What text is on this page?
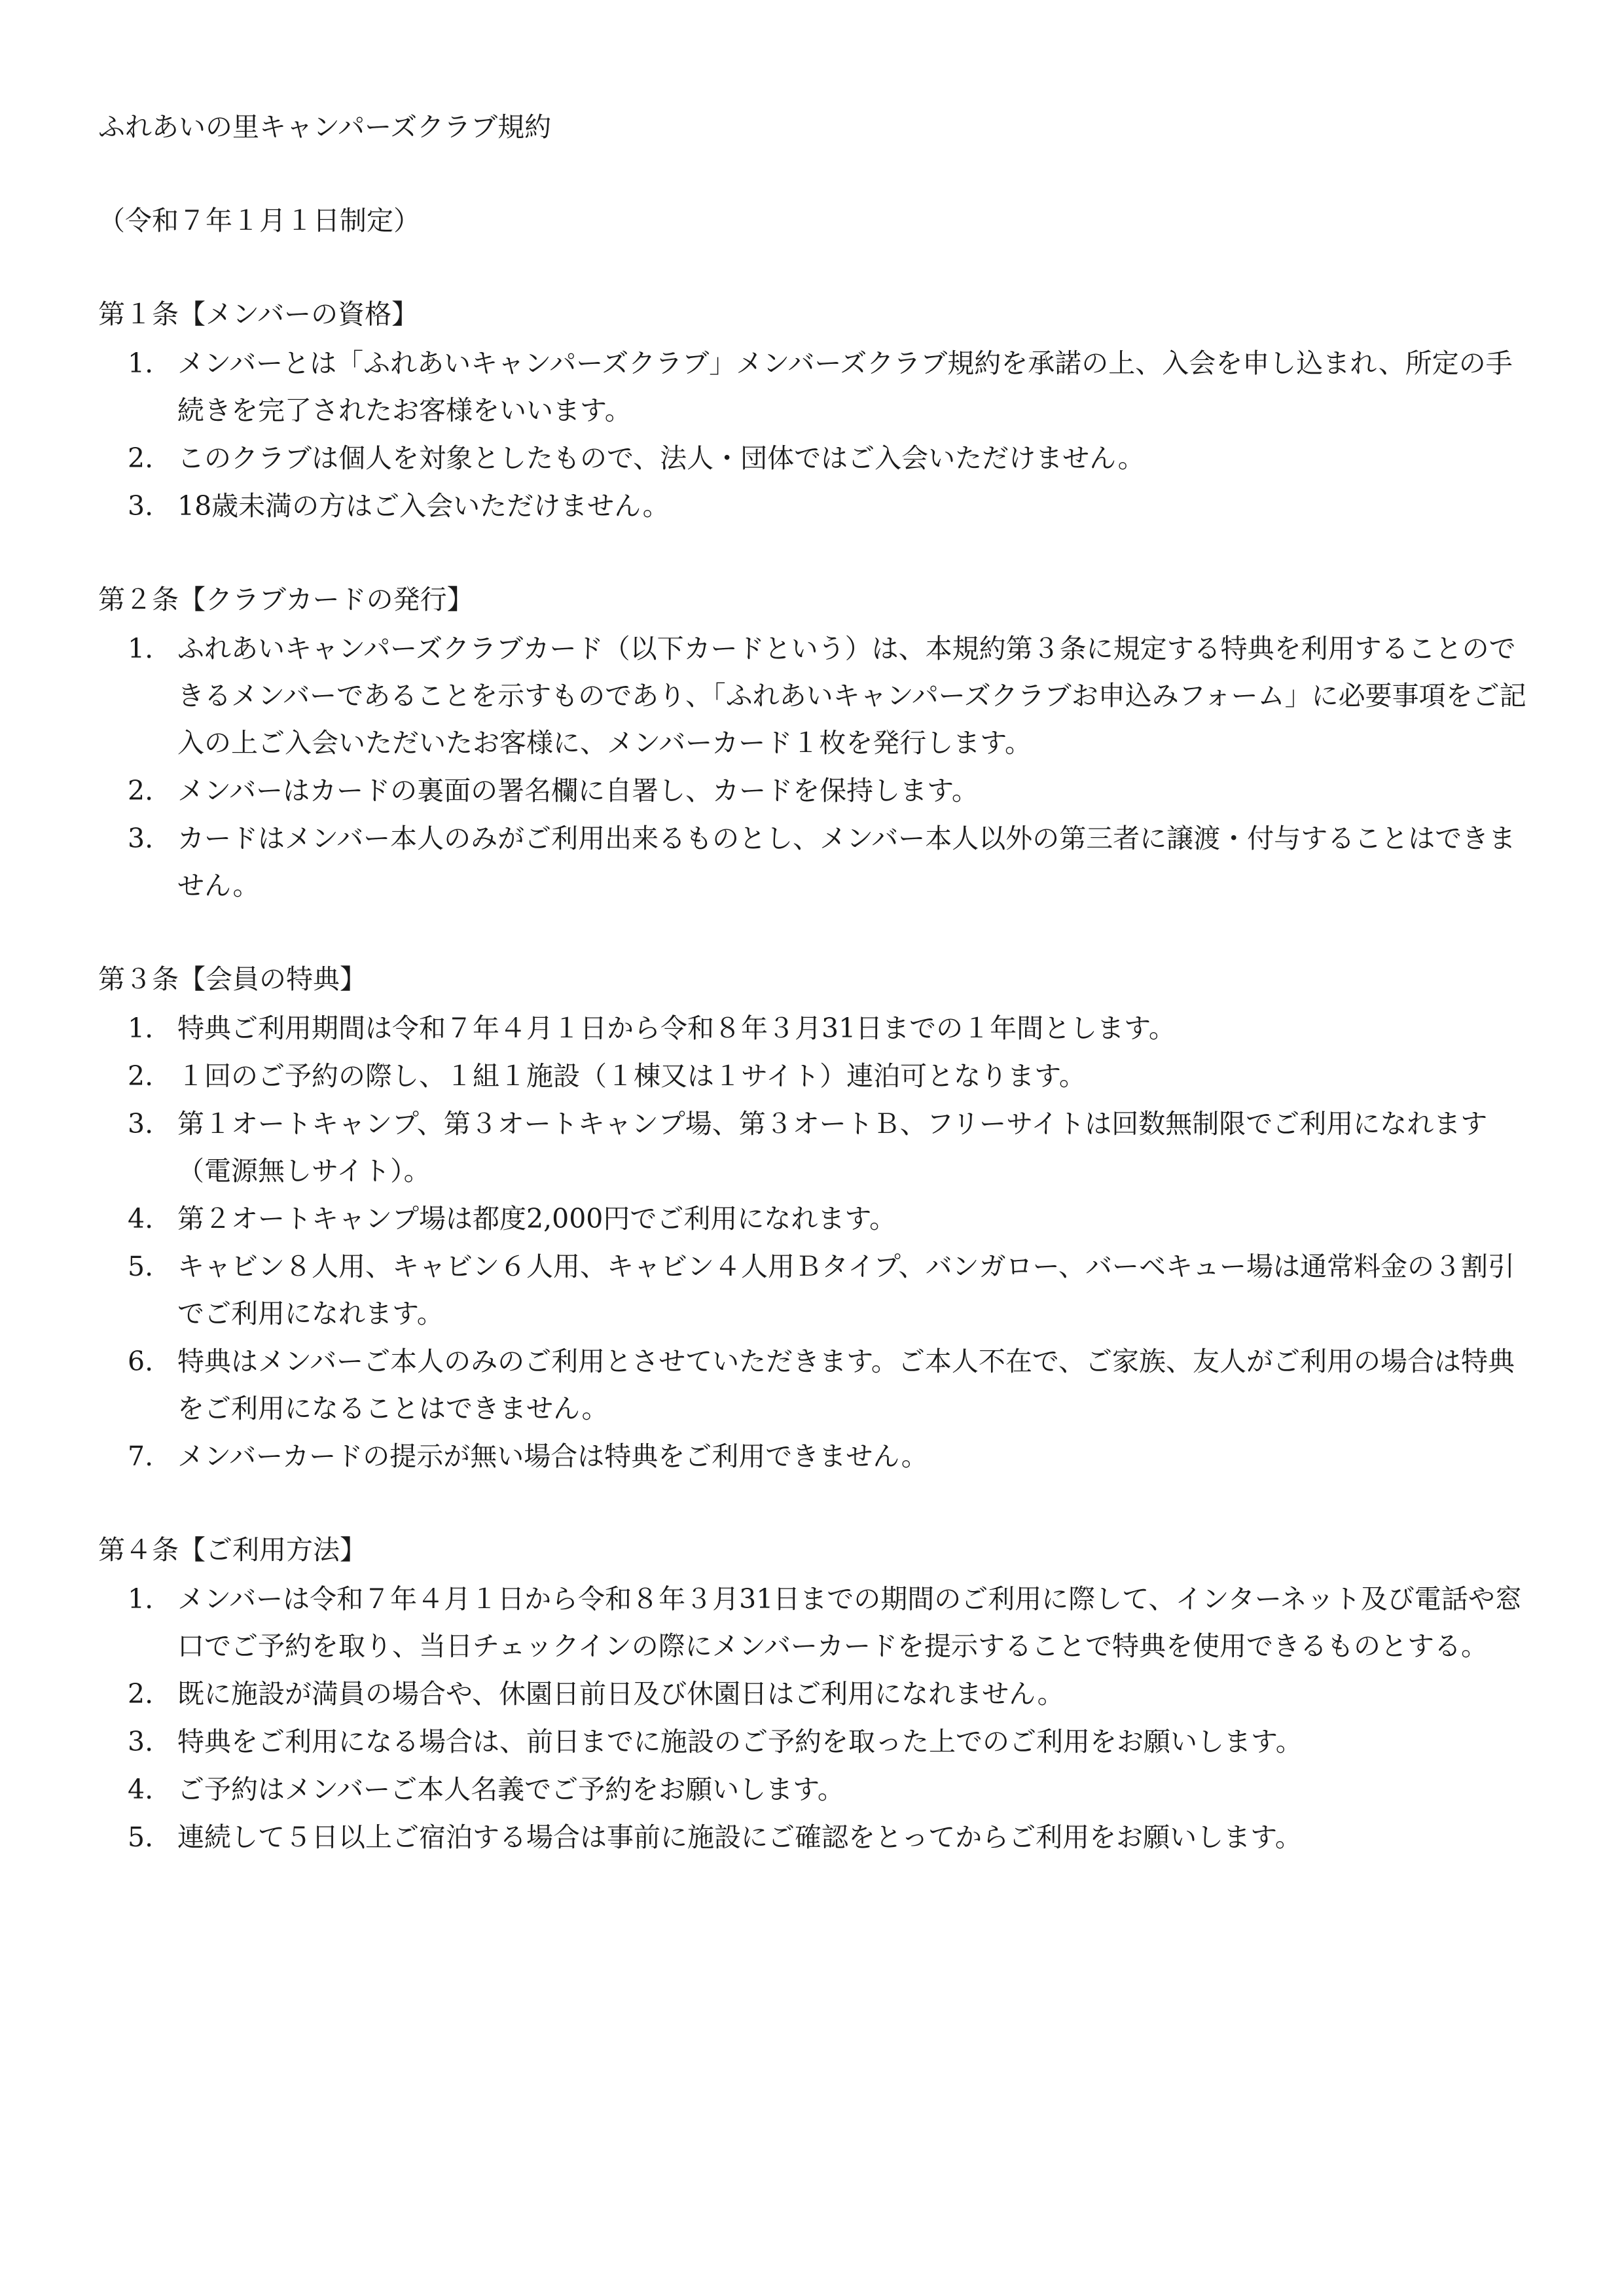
ふれあいの里キャンパーズクラブ規約

（令和７年１月１日制定）

第１条【メンバーの資格】
1. メンバーとは「ふれあいキャンパーズクラブ」メンバーズクラブ規約を承諾の上、入会を申し込まれ、所定の手続きを完了されたお客様をいいます。
2. このクラブは個人を対象としたもので、法人・団体ではご入会いただけません。
3. 18歳未満の方はご入会いただけません。
第２条【クラブカードの発行】
1. ふれあいキャンパーズクラブカード（以下カードという）は、本規約第３条に規定する特典を利用することのできるメンバーであることを示すものであり、「ふれあいキャンパーズクラブお申込みフォーム」に必要事項をご記入の上ご入会いただいたお客様に、メンバーカード１枚を発行します。
2. メンバーはカードの裏面の署名欄に自署し、カードを保持します。
3. カードはメンバー本人のみがご利用出来るものとし、メンバー本人以外の第三者に譲渡・付与することはできません。
第３条【会員の特典】
1. 特典ご利用期間は令和７年４月１日から令和８年３月31日までの１年間とします。
2. １回のご予約の際し、１組１施設（１棟又は１サイト）連泊可となります。
3. 第１オートキャンプ、第３オートキャンプ場、第３オートＢ、フリーサイトは回数無制限でご利用になれます（電源無しサイト）。
4. 第２オートキャンプ場は都度2,000円でご利用になれます。
5. キャビン８人用、キャビン６人用、キャビン４人用Ｂタイプ、バンガロー、バーベキュー場は通常料金の３割引でご利用になれます。
6. 特典はメンバーご本人のみのご利用とさせていただきます。ご本人不在で、ご家族、友人がご利用の場合は特典をご利用になることはできません。
7. メンバーカードの提示が無い場合は特典をご利用できません。
第４条【ご利用方法】
1. メンバーは令和７年４月１日から令和８年３月31日までの期間のご利用に際して、インターネット及び電話や窓口でご予約を取り、当日チェックインの際にメンバーカードを提示することで特典を使用できるものとする。
2. 既に施設が満員の場合や、休園日前日及び休園日はご利用になれません。
3. 特典をご利用になる場合は、前日までに施設のご予約を取った上でのご利用をお願いします。
4. ご予約はメンバーご本人名義でご予約をお願いします。
5. 連続して５日以上ご宿泊する場合は事前に施設にご確認をとってからご利用をお願いします。
